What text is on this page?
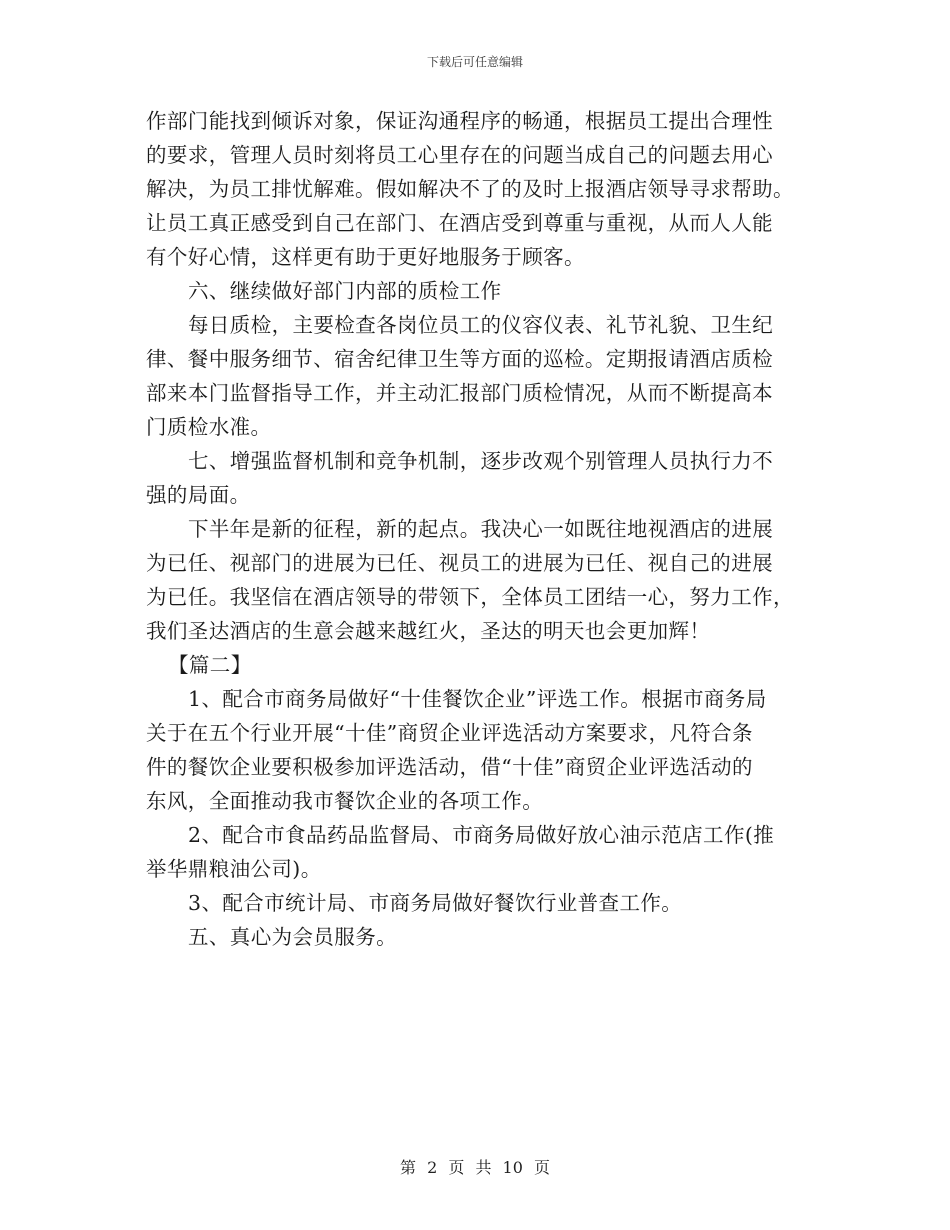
下载后可任意编辑
作部门能找到倾诉对象，保证沟通程序的畅通，根据员工提出合理性
的要求，管理人员时刻将员工心里存在的问题当成自己的问题去用心
解决，为员工排忧解难。假如解决不了的及时上报酒店领导寻求帮助。
让员工真正感受到自己在部门、在酒店受到尊重与重视，从而人人能
有个好心情，这样更有助于更好地服务于顾客。
六、继续做好部门内部的质检工作
每日质检，主要检查各岗位员工的仪容仪表、礼节礼貌、卫生纪
律、餐中服务细节、宿舍纪律卫生等方面的巡检。定期报请酒店质检
部来本门监督指导工作，并主动汇报部门质检情况，从而不断提高本
门质检水准。
七、增强监督机制和竞争机制，逐步改观个别管理人员执行力不
强的局面。
下半年是新的征程，新的起点。我决心一如既往地视酒店的进展
为已任、视部门的进展为已任、视员工的进展为已任、视自己的进展
为已任。我坚信在酒店领导的带领下，全体员工团结一心，努力工作，
我们圣达酒店的生意会越来越红火，圣达的明天也会更加辉！
【篇二】
1、配合市商务局做好“十佳餐饮企业”评选工作。根据市商务局
关于在五个行业开展“十佳”商贸企业评选活动方案要求，凡符合条
件的餐饮企业要积极参加评选活动，借“十佳”商贸企业评选活动的
东风，全面推动我市餐饮企业的各项工作。
2、配合市食品药品监督局、市商务局做好放心油示范店工作(推
举华鼎粮油公司)。
3、配合市统计局、市商务局做好餐饮行业普查工作。
五、真心为会员服务。
第 2 页 共 10 页
